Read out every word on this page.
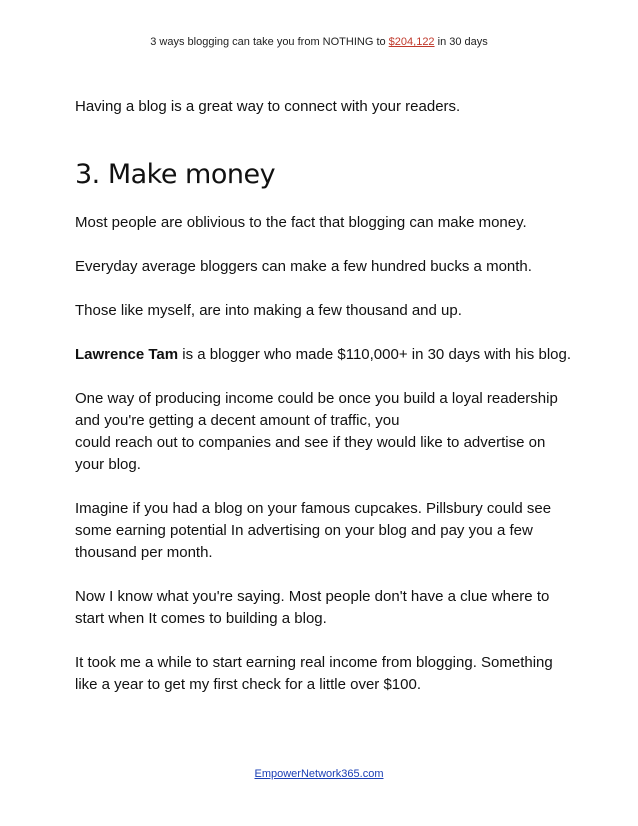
3 ways blogging can take you from NOTHING to $204,122 in 30 days

Having a blog is a great way to connect with your readers.

3. Make money

Most people are oblivious to the fact that blogging can make money.

Everyday average bloggers can make a few hundred bucks a month.

Those like myself, are into making a few thousand and up.

Lawrence Tam is a blogger who made $110,000+ in 30 days with his blog.

One way of producing income could be once you build a loyal readership and you're getting a decent amount of traffic, you
could reach out to companies and see if they would like to advertise on your blog.

Imagine if you had a blog on your famous cupcakes. Pillsbury could see some earning potential In advertising on your blog and pay you a few thousand per month.

Now I know what you're saying. Most people don't have a clue where to start when It comes to building a blog.

It took me a while to start earning real income from blogging. Something like a year to get my first check for a little over $100.

EmpowerNetwork365.com
